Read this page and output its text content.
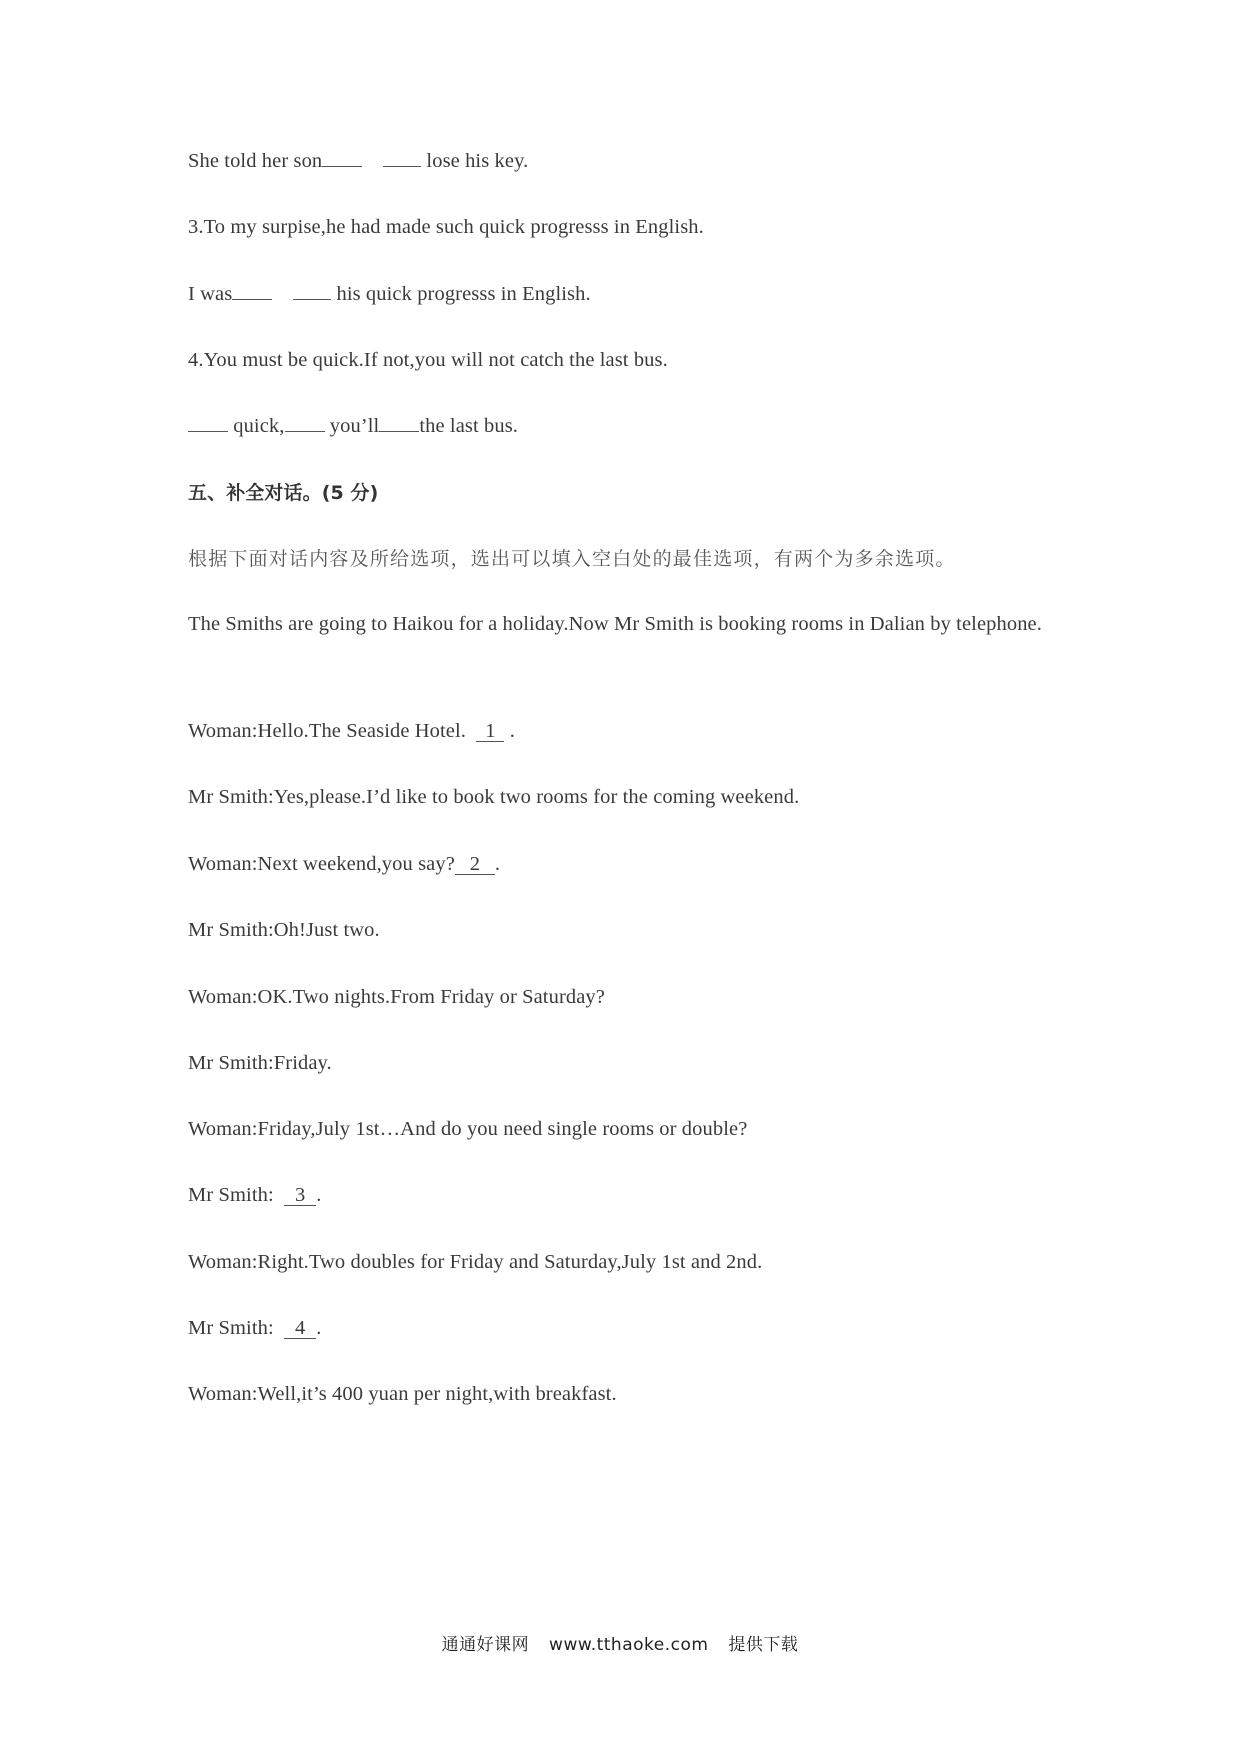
She told her son	lose his key.
3.To my surpise,he had made such quick progresss in English.
I was	his quick progresss in English.
4.You must be quick.If not,you will not catch the last bus.
quick, you’ll the last bus.
五、补全对话。(5 分)
根据下面对话内容及所给选项，选出可以填入空白处的最佳选项，有两个为多余选项。
The Smiths are going to Haikou for a holiday.Now Mr Smith is booking rooms in Dalian by telephone.
Woman:Hello.The Seaside Hotel. 1 .
Mr Smith:Yes,please.I’d like to book two rooms for the coming weekend.
Woman:Next weekend,you say? 2 .
Mr Smith:Oh!Just two.
Woman:OK.Two nights.From Friday or Saturday?
Mr Smith:Friday.
Woman:Friday,July 1st…And do you need single rooms or double?
Mr Smith: 3 .
Woman:Right.Two doubles for Friday and Saturday,July 1st and 2nd.
Mr Smith: 4 .
Woman:Well,it’s 400 yuan per night,with breakfast.
通通好课网 www.tthaoke.com 提供下载
